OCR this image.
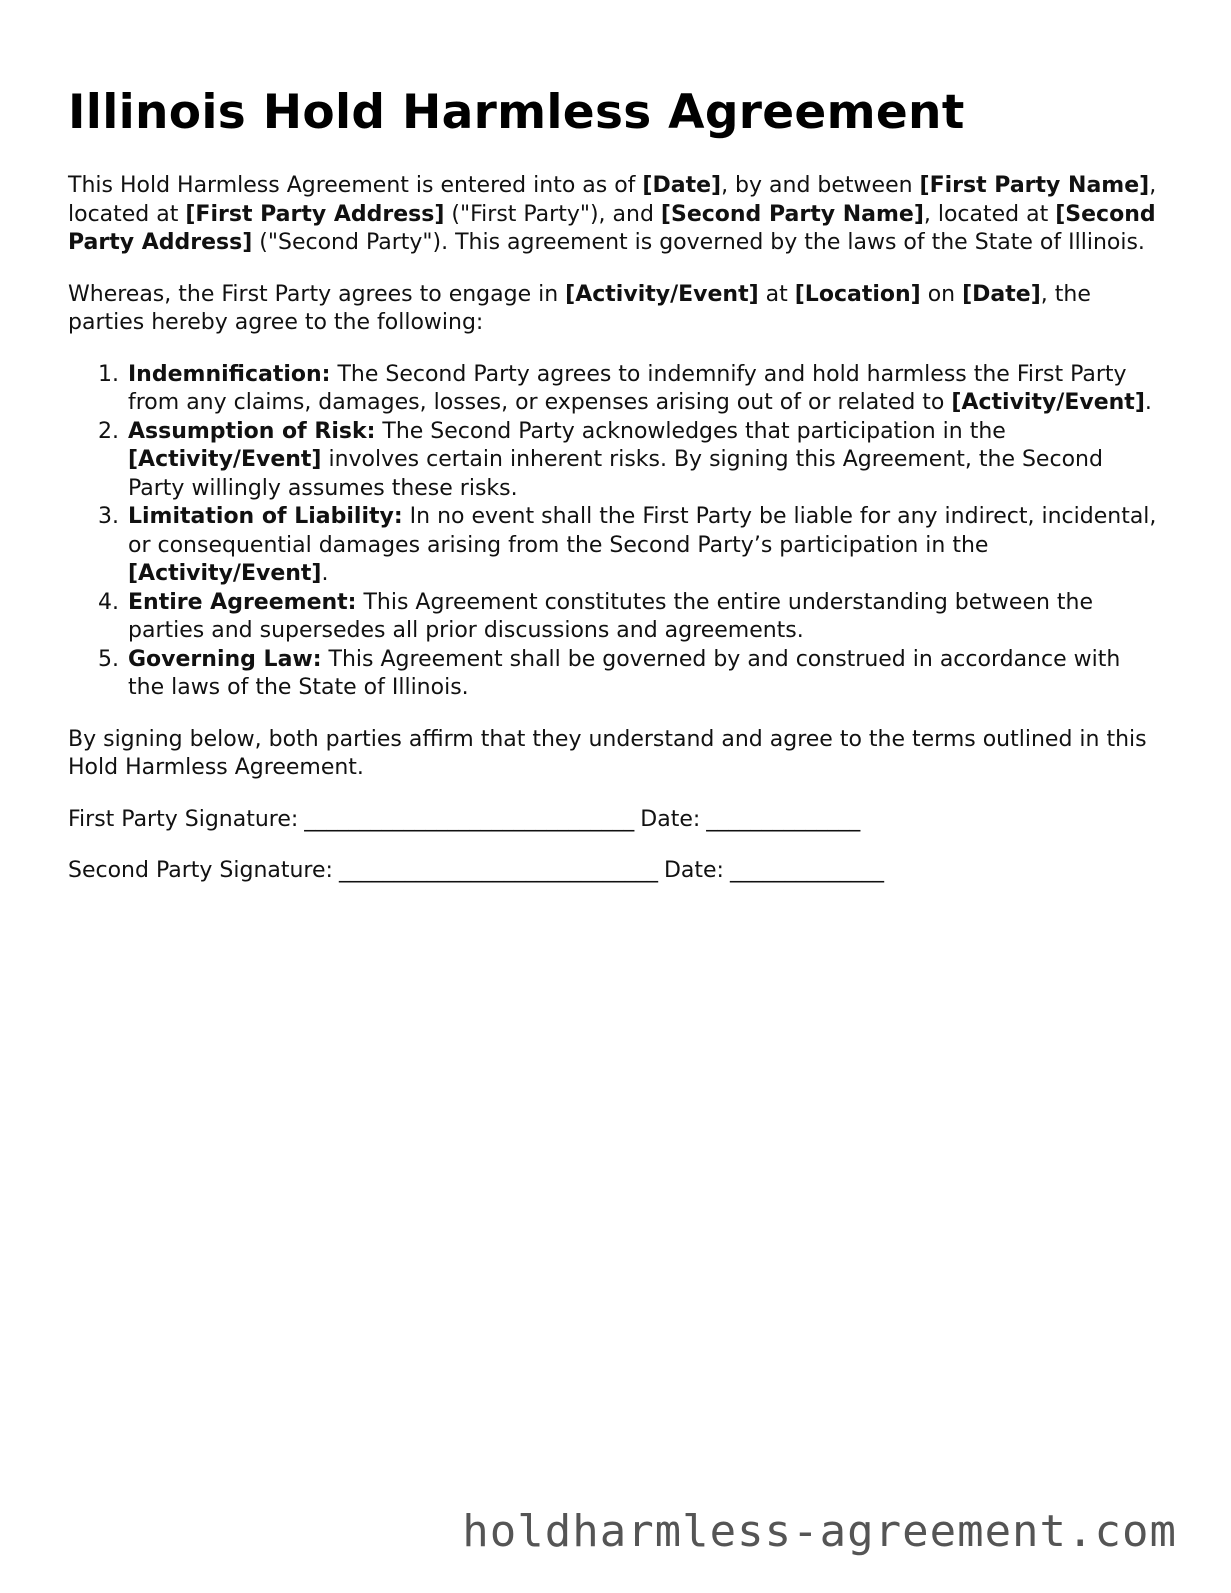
Illinois Hold Harmless Agreement

This Hold Harmless Agreement is entered into as of [Date], by and between [First Party Name], located at [First Party Address] ("First Party"), and [Second Party Name], located at [Second Party Address] ("Second Party"). This agreement is governed by the laws of the State of Illinois.

Whereas, the First Party agrees to engage in [Activity/Event] at [Location] on [Date], the parties hereby agree to the following:

1. Indemnification: The Second Party agrees to indemnify and hold harmless the First Party from any claims, damages, losses, or expenses arising out of or related to [Activity/Event].
2. Assumption of Risk: The Second Party acknowledges that participation in the [Activity/Event] involves certain inherent risks. By signing this Agreement, the Second Party willingly assumes these risks.
3. Limitation of Liability: In no event shall the First Party be liable for any indirect, incidental, or consequential damages arising from the Second Party’s participation in the [Activity/Event].
4. Entire Agreement: This Agreement constitutes the entire understanding between the parties and supersedes all prior discussions and agreements.
5. Governing Law: This Agreement shall be governed by and construed in accordance with the laws of the State of Illinois.

By signing below, both parties affirm that they understand and agree to the terms outlined in this Hold Harmless Agreement.

First Party Signature: ______________________________ Date: ______________
Second Party Signature: _____________________________ Date: ______________
holdharmless-agreement.com
